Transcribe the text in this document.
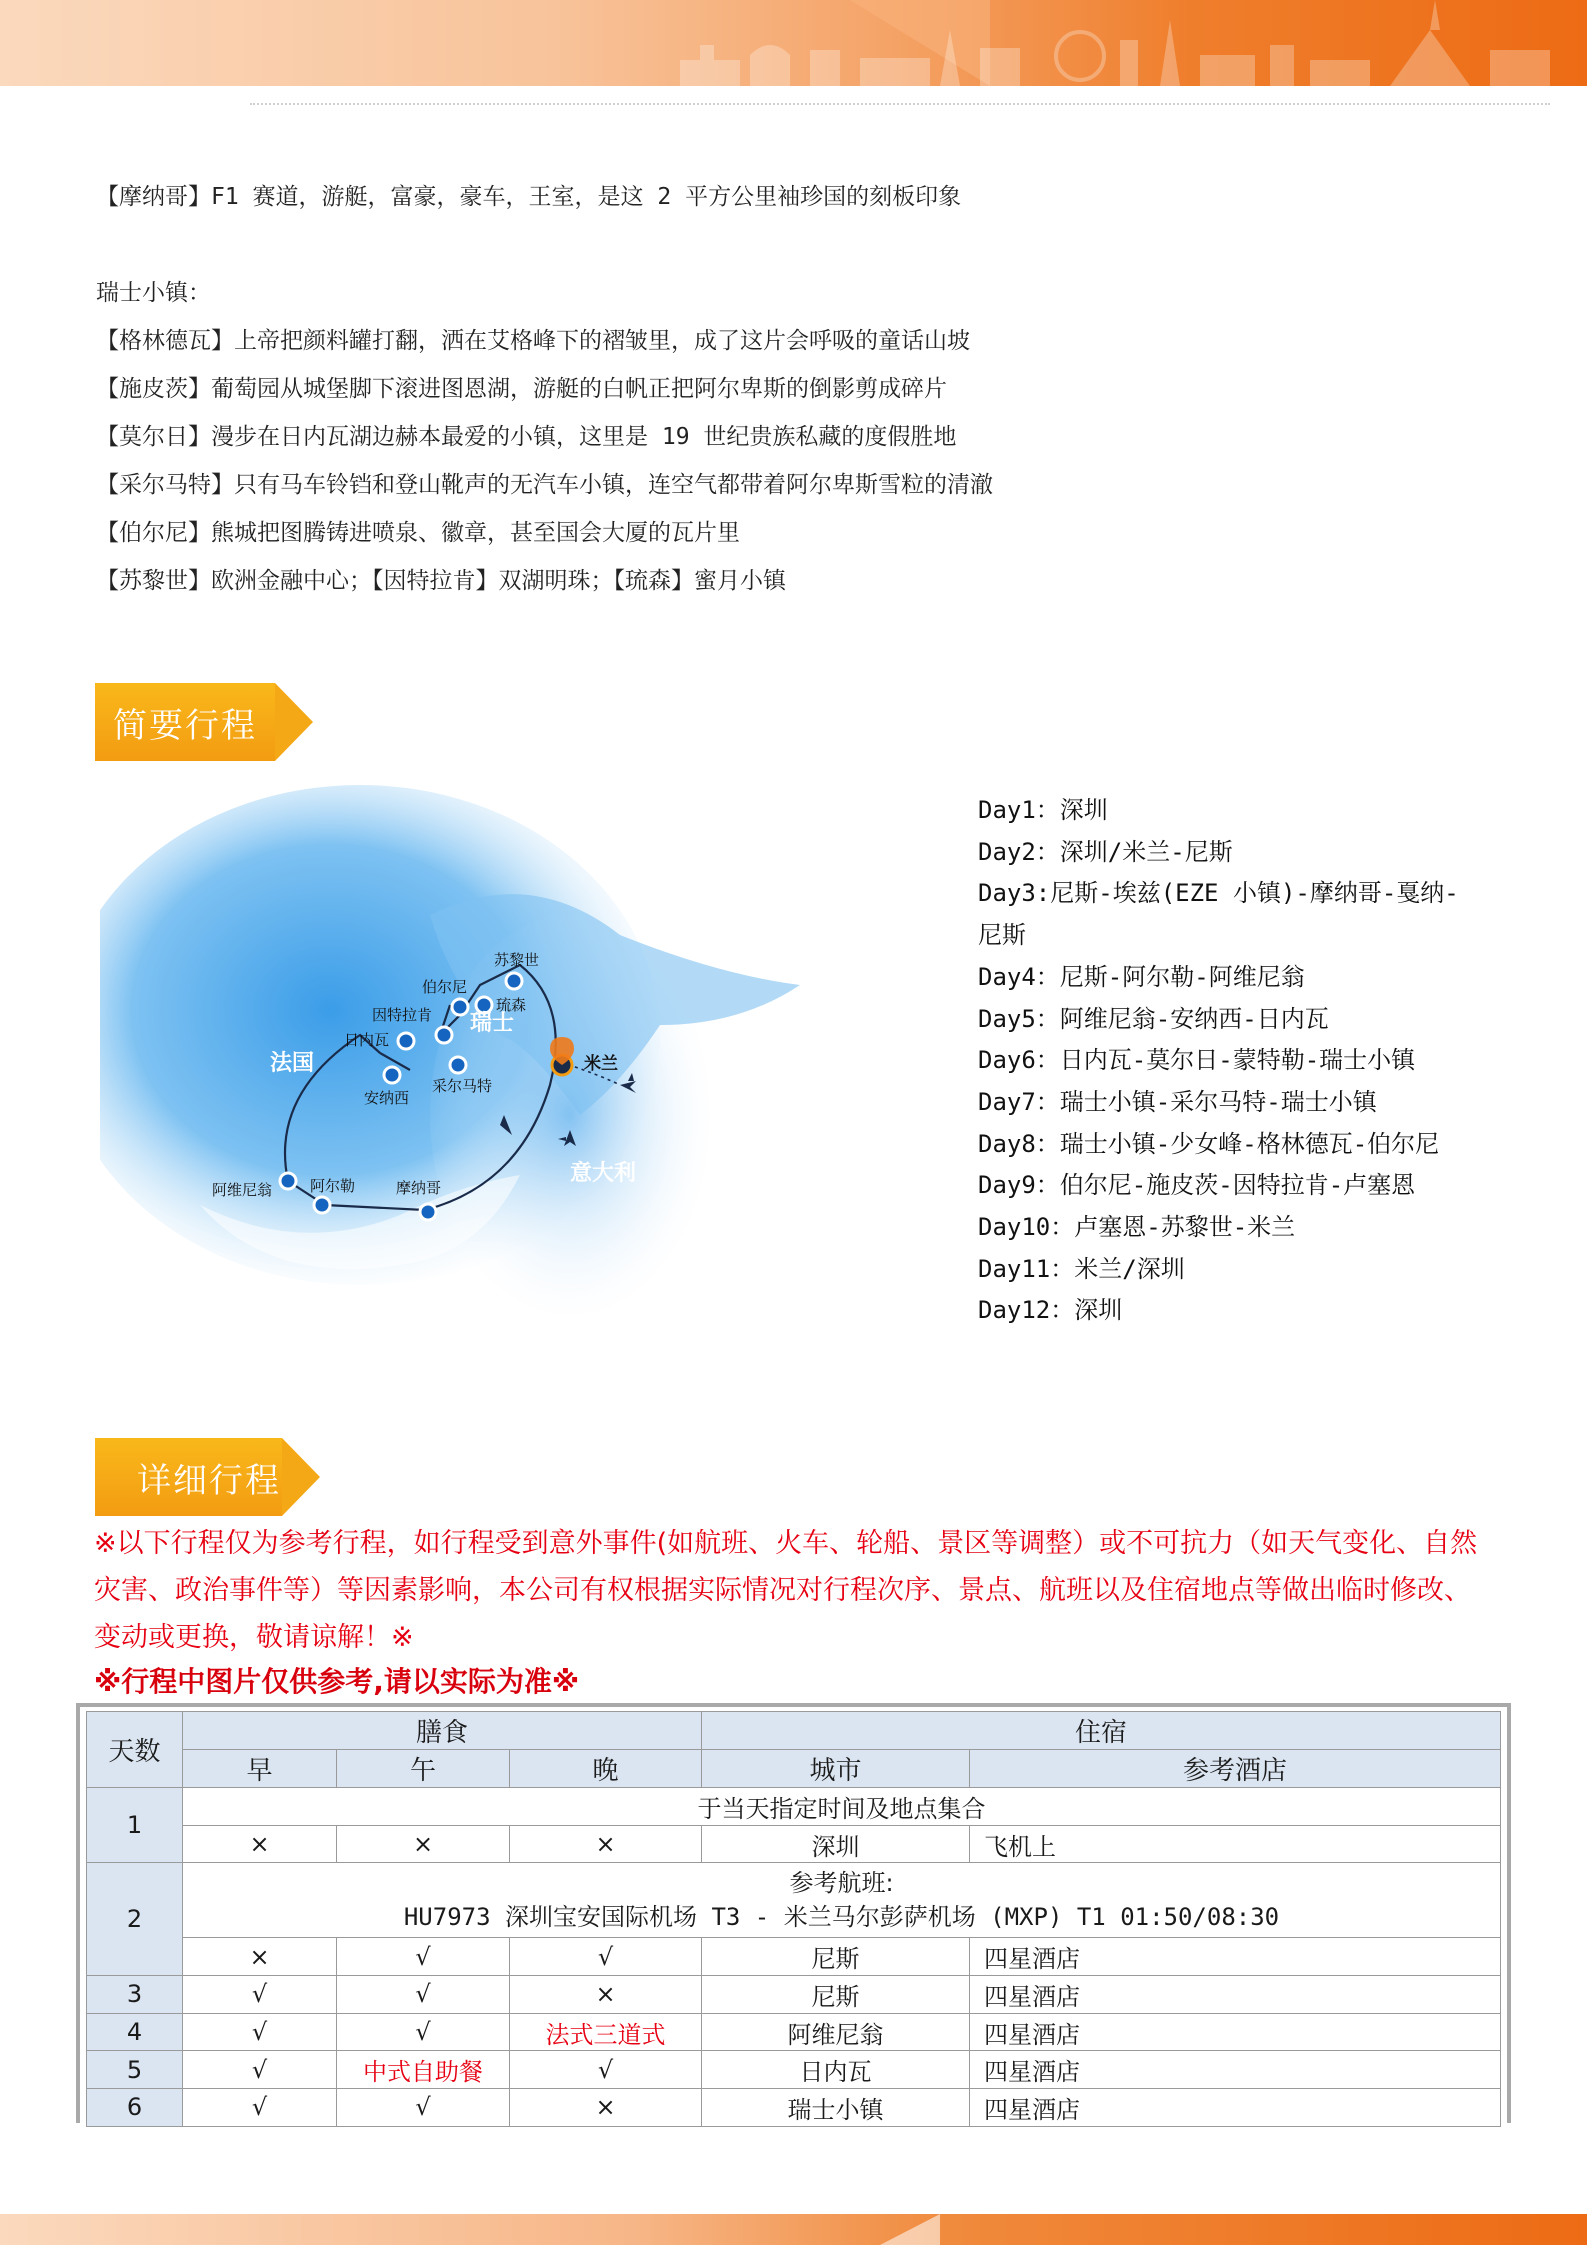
【摩纳哥】F1 赛道，游艇，富豪，豪车，王室，是这 2 平方公里袖珍国的刻板印象
瑞士小镇：
【格林德瓦】上帝把颜料罐打翻，洒在艾格峰下的褶皱里，成了这片会呼吸的童话山坡
【施皮茨】葡萄园从城堡脚下滚进图恩湖，游艇的白帆正把阿尔卑斯的倒影剪成碎片
【莫尔日】漫步在日内瓦湖边赫本最爱的小镇，这里是 19 世纪贵族私藏的度假胜地
【采尔马特】只有马车铃铛和登山靴声的无汽车小镇，连空气都带着阿尔卑斯雪粒的清澈
【伯尔尼】熊城把图腾铸进喷泉、徽章，甚至国会大厦的瓦片里
【苏黎世】欧洲金融中心；【因特拉肯】双湖明珠；【琉森】蜜月小镇
简要行程
法国
瑞士
意大利
苏黎世
伯尔尼
琉森
因特拉肯
日内瓦
安纳西
采尔马特
米兰
阿维尼翁	阿尔勒	摩纳哥
Day1：深圳
Day2：深圳/米兰-尼斯
Day3:尼斯-埃兹(EZE 小镇)-摩纳哥-戛纳-
尼斯
Day4：尼斯-阿尔勒-阿维尼翁
Day5：阿维尼翁-安纳西-日内瓦
Day6：日内瓦-莫尔日-蒙特勒-瑞士小镇
Day7：瑞士小镇-采尔马特-瑞士小镇
Day8：瑞士小镇-少女峰-格林德瓦-伯尔尼
Day9：伯尔尼-施皮茨-因特拉肯-卢塞恩
Day10：卢塞恩-苏黎世-米兰
Day11：米兰/深圳
Day12：深圳
详细行程
※以下行程仅为参考行程，如行程受到意外事件(如航班、火车、轮船、景区等调整）或不可抗力（如天气变化、自然灾害、政治事件等）等因素影响，本公司有权根据实际情况对行程次序、景点、航班以及住宿地点等做出临时修改、变动或更换，敬请谅解！※
※行程中图片仅供参考,请以实际为准※
天数	膳食			住宿	
	早	午	晚	城市	参考酒店
1	于当天指定时间及地点集合				
	×	×	×	深圳	飞机上
2	参考航班:
HU7973 深圳宝安国际机场 T3 - 米兰马尔彭萨机场 (MXP) T1 01:50/08:30				

	×	√	√	尼斯	四星酒店
3	√	√	×	尼斯	四星酒店
4	√	√	法式三道式	阿维尼翁	四星酒店
5	√	中式自助餐	√	日内瓦	四星酒店
6	√	√	×	瑞士小镇	四星酒店
